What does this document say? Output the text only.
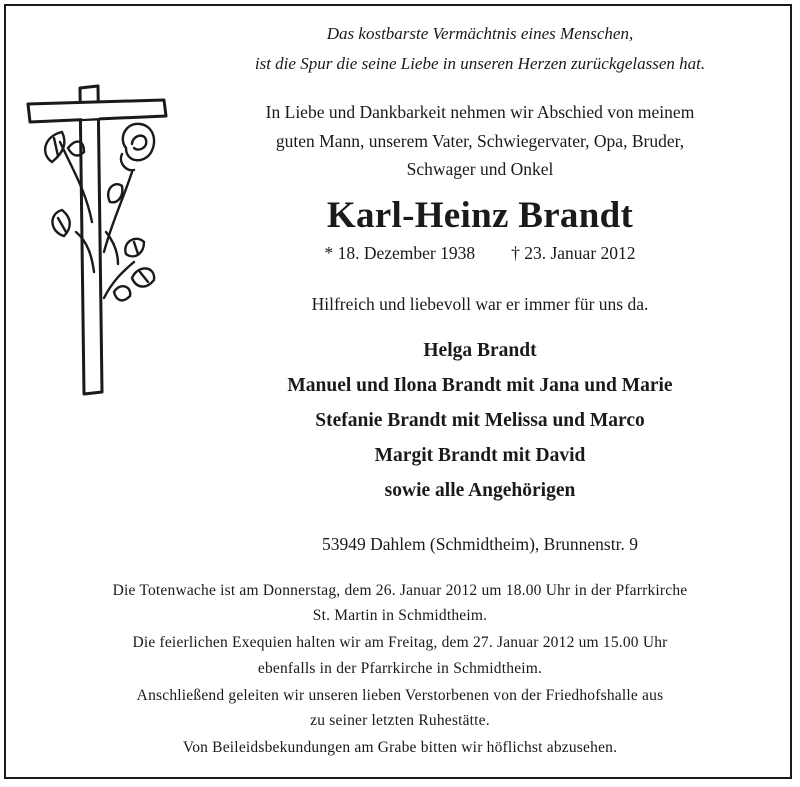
Das kostbarste Vermächtnis eines Menschen,
ist die Spur die seine Liebe in unseren Herzen zurückgelassen hat.
In Liebe und Dankbarkeit nehmen wir Abschied von meinem
guten Mann, unserem Vater, Schwiegervater, Opa, Bruder,
Schwager und Onkel
Karl-Heinz Brandt
* 18. Dezember 1938 † 23. Januar 2012
Hilfreich und liebevoll war er immer für uns da.
Helga Brandt
Manuel und Ilona Brandt mit Jana und Marie
Stefanie Brandt mit Melissa und Marco
Margit Brandt mit David
sowie alle Angehörigen
53949 Dahlem (Schmidtheim), Brunnenstr. 9
Die Totenwache ist am Donnerstag, dem 26. Januar 2012 um 18.00 Uhr in der Pfarrkirche
St. Martin in Schmidtheim.
Die feierlichen Exequien halten wir am Freitag, dem 27. Januar 2012 um 15.00 Uhr
ebenfalls in der Pfarrkirche in Schmidtheim.
Anschließend geleiten wir unseren lieben Verstorbenen von der Friedhofshalle aus
zu seiner letzten Ruhestätte.
Von Beileidsbekundungen am Grabe bitten wir höflichst abzusehen.
